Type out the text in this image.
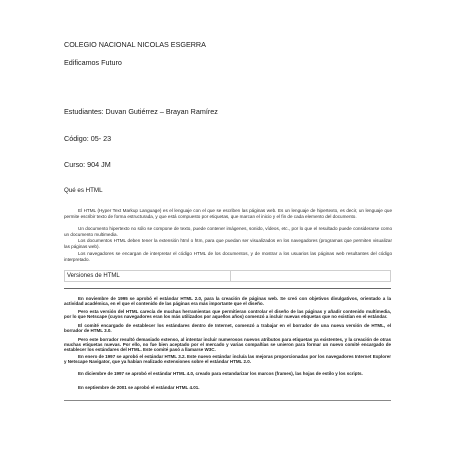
COLEGIO NACIONAL NICOLAS ESGERRA
Edificamos Futuro
Estudiantes: Duvan Gutiérrez – Brayan Ramírez
Código: 05- 23
Curso: 904 JM
Qué es HTML
El HTML (Hyper Text Markup Language) es el lenguaje con el que se escriben las páginas web. Es un lenguaje de hipertexto, es decir, un lenguaje que permite escribir texto de forma estructurada, y que está compuesto por etiquetas, que marcan el inicio y el fin de cada elemento del documento.
Un documento hipertexto no sólo se compone de texto, puede contener imágenes, sonido, vídeos, etc., por lo que el resultado puede considerarse como un documento multimedia.
Los documentos HTML deben tener la extensión html o htm, para que puedan ser visualizados en los navegadores (programas que permiten visualizar las páginas web).
Los navegadores se encargan de interpretar el código HTML de los documentos, y de mostrar a los usuarios las páginas web resultantes del código interpretado.
Versiones de HTML
En noviembre de 1995 se aprobó el estándar HTML 2.0, para la creación de páginas web. Se creó con objetivos divulgativos, orientado a la actividad académica, en el que el contenido de las páginas era más importante que el diseño.
Pero esta versión del HTML carecía de muchas herramientas que permitieran controlar el diseño de las páginas y añadir contenido multimedia, por lo que Netscape (cuyos navegadores eran los más utilizados por aquellos años) comenzó a incluir nuevas etiquetas que no existían en el estándar.
El comité encargado de establecer los estándares dentro de Internet, comenzó a trabajar en el borrador de una nueva versión de HTML, el borrador de HTML 3.0.
Pero este borrador resultó demasiado extenso, al intentar incluir numerosos nuevos atributos para etiquetas ya existentes, y la creación de otras muchas etiquetas nuevas. Por ello, no fue bien aceptado por el mercado y varias compañías se unieron para formar un nuevo comité encargado de establecer los estándares del HTML. Este comité pasó a llamarse W3C.
En enero de 1997 se aprobó el estándar HTML 3.2. Este nuevo estándar incluía las mejoras proporcionadas por los navegadores Internet Explorer y Netscape Navigator, que ya habían realizado extensiones sobre el estándar HTML 2.0.
En diciembre de 1997 se aprobó el estándar HTML 4.0, creado para estandarizar los marcos (frames), las hojas de estilo y los scripts.
En septiembre de 2001 se aprobó el estándar HTML 4.01.
